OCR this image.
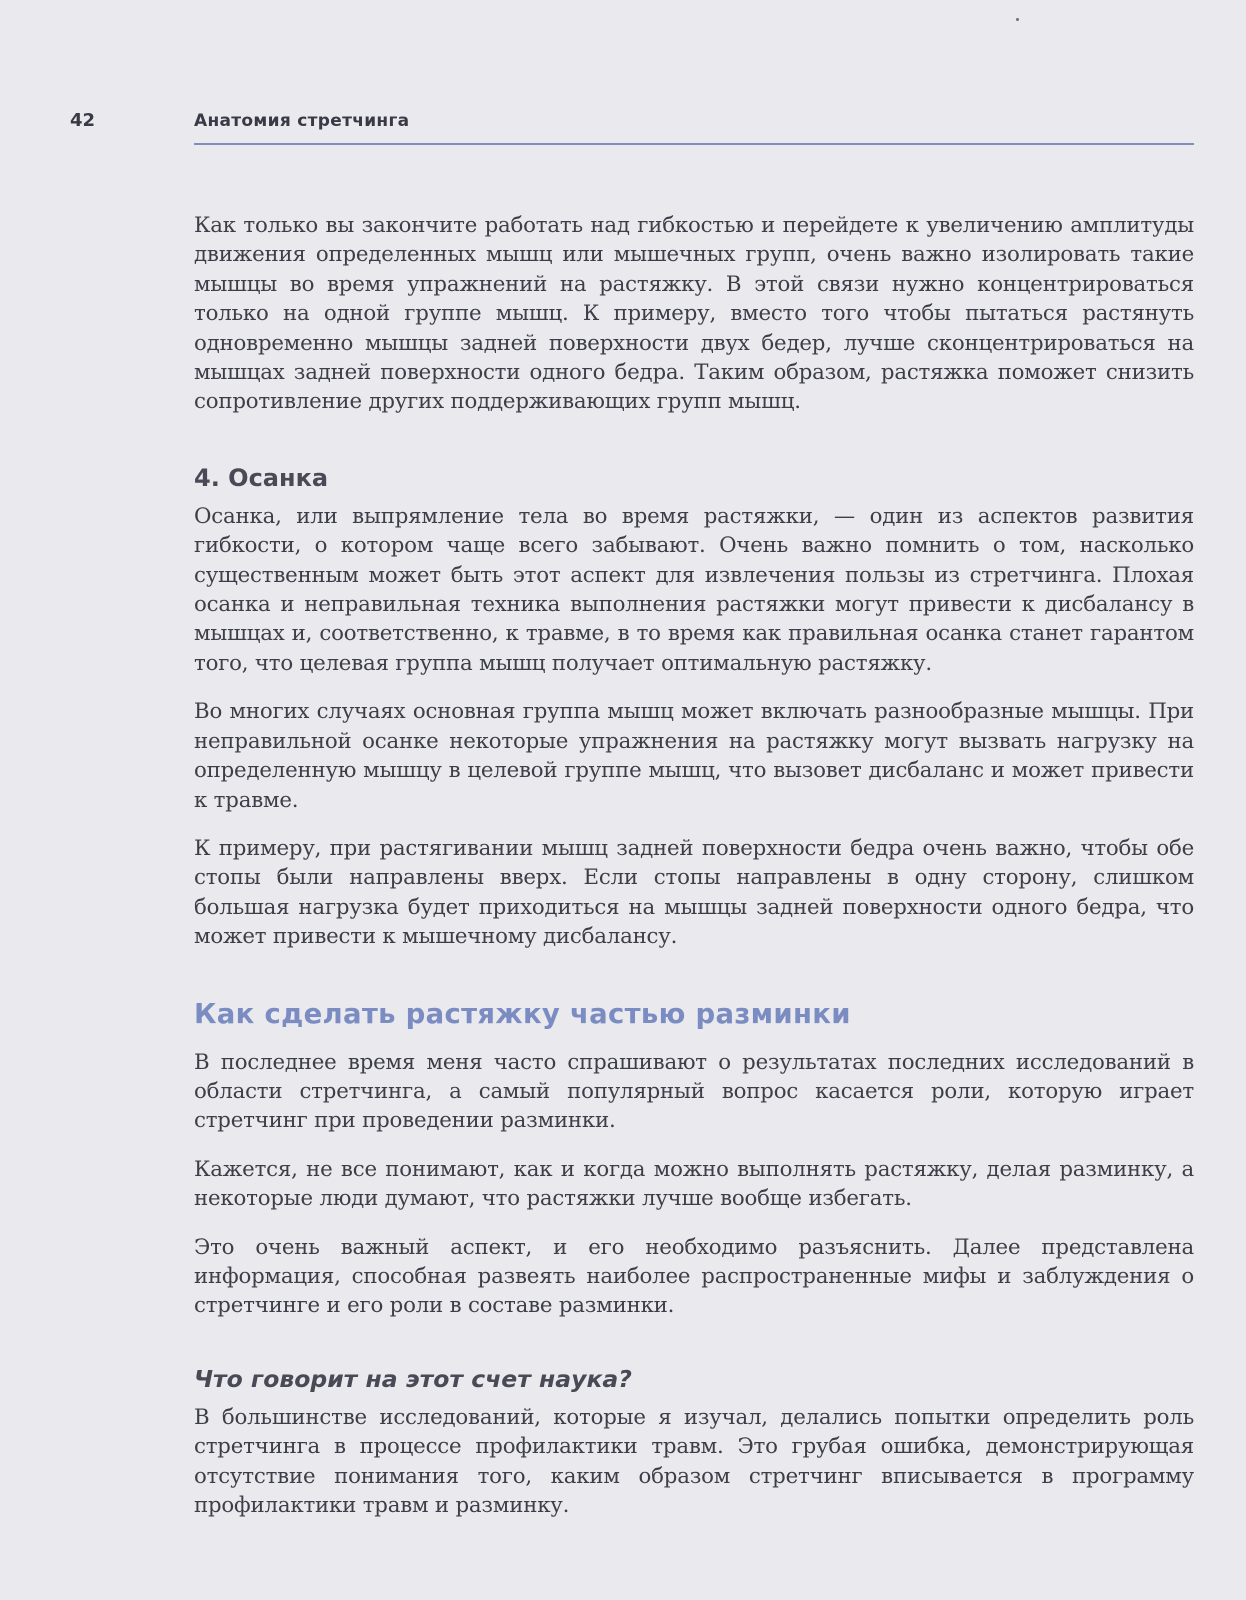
42	Анатомия стретчинга

Как только вы закончите работать над гибкостью и перейдете к увеличению амплитуды движения определенных мышц или мышечных групп, очень важно изолировать такие мышцы во время упражнений на растяжку. В этой связи нужно концентрироваться только на одной группе мышц. К примеру, вместо того чтобы пытаться растянуть одновременно мышцы задней поверхности двух бедер, лучше сконцентрироваться на мышцах задней поверхности одного бедра. Таким образом, растяжка поможет снизить сопротивление других поддерживающих групп мышц.

4. Осанка

Осанка, или выпрямление тела во время растяжки, — один из аспектов развития гибкости, о котором чаще всего забывают. Очень важно помнить о том, насколько существенным может быть этот аспект для извлечения пользы из стретчинга. Плохая осанка и неправильная техника выполнения растяжки могут привести к дисбалансу в мышцах и, соответственно, к травме, в то время как правильная осанка станет гарантом того, что целевая группа мышц получает оптимальную растяжку.

Во многих случаях основная группа мышц может включать разнообразные мышцы. При неправильной осанке некоторые упражнения на растяжку могут вызвать нагрузку на определенную мышцу в целевой группе мышц, что вызовет дисбаланс и может привести к травме.

К примеру, при растягивании мышц задней поверхности бедра очень важно, чтобы обе стопы были направлены вверх. Если стопы направлены в одну сторону, слишком большая нагрузка будет приходиться на мышцы задней поверхности одного бедра, что может привести к мышечному дисбалансу.

Как сделать растяжку частью разминки

В последнее время меня часто спрашивают о результатах последних исследований в области стретчинга, а самый популярный вопрос касается роли, которую играет стретчинг при проведении разминки.

Кажется, не все понимают, как и когда можно выполнять растяжку, делая разминку, а некоторые люди думают, что растяжки лучше вообще избегать.

Это очень важный аспект, и его необходимо разъяснить. Далее представлена информация, способная развеять наиболее распространенные мифы и заблуждения о стретчинге и его роли в составе разминки.

Что говорит на этот счет наука?

В большинстве исследований, которые я изучал, делались попытки определить роль стретчинга в процессе профилактики травм. Это грубая ошибка, демонстрирующая отсутствие понимания того, каким образом стретчинг вписывается в программу профилактики травм и разминку.
